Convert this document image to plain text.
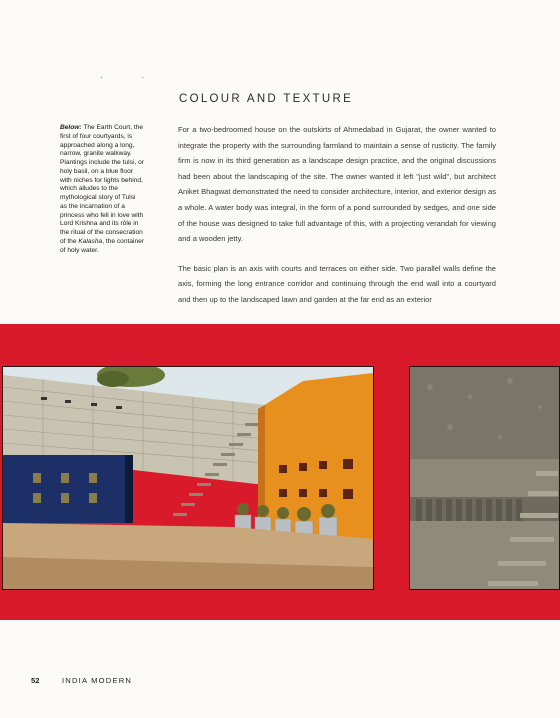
· ·
COLOUR AND TEXTURE
Below: The Earth Court, the first of four courtyards, is approached along a long, narrow, granite walkway. Plantings include the tulsi, or holy basil, on a blue floor with niches for lights behind, which alludes to the mythological story of Tulsi as the incarnation of a princess who fell in love with Lord Krishna and its rôle in the ritual of the consecration of the Kalasha, the container of holy water.

For a two-bedroomed house on the outskirts of Ahmedabad in Gujarat, the owner wanted to integrate the property with the surrounding farmland to maintain a sense of rusticity. The family firm is now in its third generation as a landscape design practice, and the original discussions had been about the landscaping of the site. The owner wanted it left "just wild", but architect Aniket Bhagwat demonstrated the need to consider architecture, interior, and exterior design as a whole. A water body was integral, in the form of a pond surrounded by sedges, and one side of the house was designed to take full advantage of this, with a projecting verandah for viewing and a wooden jetty.

The basic plan is an axis with courts and terraces on either side. Two parallel walls define the axis, forming the long entrance corridor and continuing through the end wall into a courtyard and then up to the landscaped lawn and garden at the far end as an exterior

52	INDIA MODERN
